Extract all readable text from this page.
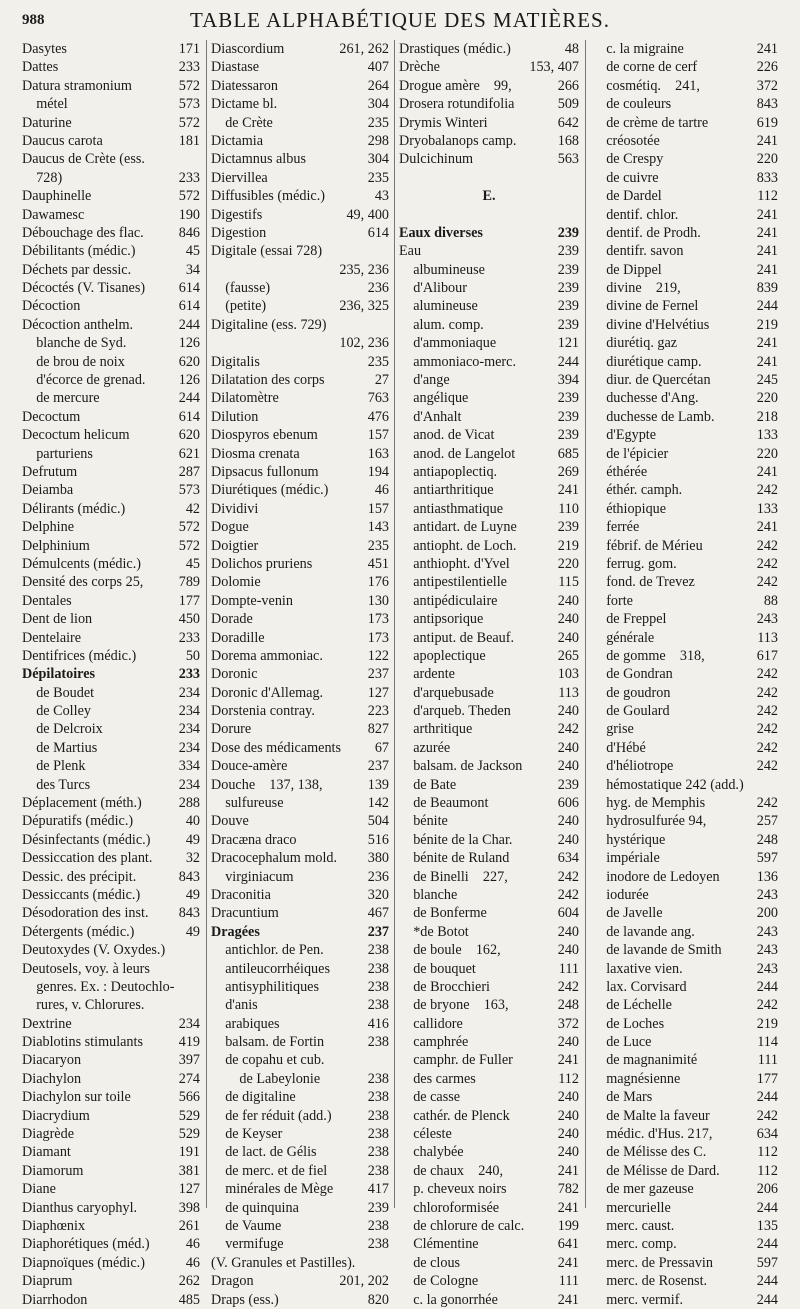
988	TABLE ALPHABÉTIQUE DES MATIÈRES.
Dasytes	171
Dattes	233
Datura stramonium	572
 métel	573
Daturine	572
Daucus carota	181
Daucus de Crète (ess.
 728)	233
Dauphinelle	572
Dawamesc	190
Débouchage des flac. 846
Débilitants (médic.)	45
Déchets par dessic.	34
Décoctés (V. Tisanes) 614
Décoction	614
Décoction anthelm.	244
 blanche de Syd.	126
 de brou de noix	620
 d'écorce de grenad. 126
 de mercure	244
Decoctum	614
Decoctum helicum	620
 parturiens	621
Defrutum	287
Deiamba	573
Délirants (médic.)	42
Delphine	572
Delphinium	572
Démulcents (médic.)	45
Densité des corps 25, 789
Dentales	177
Dent de lion	450
Dentelaire	233
Dentifrices (médic.)	50
Dépilatoires	233
 de Boudet	234
 de Colley	234
 de Delcroix	234
 de Martius	234
 de Plenk	334
 des Turcs	234
Déplacement (méth.)	288
Dépuratifs (médic.)	40
Désinfectants (médic.) 49
Dessiccation des plant. 32
Dessic. des précipit.	843
Dessiccants (médic.)	49
Désodoration des inst. 843
Détergents (médic.)	49
Deutoxydes (V. Oxydes.)
Deutosels, voy. à leurs
 genres. Ex. : Deutochlo-
 rures, v. Chlorures.
Dextrine	234
Diablotins stimulants	419
Diacaryon	397
Diachylon	274
Diachylon sur toile	566
Diacrydium	529
Diagrède	529
Diamant	191
Diamorum	381
Diane	127
Dianthus caryophyl.	398
Diaphœnix	261
Diaphorétiques (méd.)	46
Diapnoïques (médic.)	46
Diaprum	262
Diarrhodon	485
Diascordium	261, 262
Diastase	407
Diatessaron	264
Dictame bl.	304
 de Crète	235
Dictamia	298
Dictamnus albus	304
Diervillea	235
Diffusibles (médic.)	43
Digestifs	49, 400
Digestion	614
Digitale (essai 728)
235, 236
 (fausse)	236
 (petite)	236, 325
Digitaline (ess. 729)
102, 236
Digitalis	235
Dilatation des corps	27
Dilatomètre	763
Dilution	476
Diospyros ebenum	157
Diosma crenata	163
Dipsacus fullonum	194
Diurétiques (médic.)	46
Dividivi	157
Dogue	143
Doigtier	235
Dolichos pruriens	451
Dolomie	176
Dompte-venin	130
Dorade	173
Doradille	173
Dorema ammoniac.	122
Doronic	237
Doronic d'Allemag.	127
Dorstenia contray.	223
Dorure	827
Dose des médicaments 67
Douce-amère	237
Douche 137, 138,	139
 sulfureuse	142
Douve	504
Dracæna draco	516
Dracocephalum mold. 380
 virginiacum	236
Draconitia	320
Dracuntium	467
Dragées	237
 antichlor. de Pen.	238
 antileucorrhéiques	238
 antisyphilitiques	238
 d'anis	238
 arabiques	416
 balsam. de Fortin	238
 de copahu et cub.
  de Labeylonie	238
 de digitaline	238
 de fer réduit (add.)	238
 de Keyser	238
 de lact. de Gélis	238
 de merc. et de fiel	238
 minérales de Mège 417
 de quinquina	239
 de Vaume	238
 vermifuge	238
(V. Granules et Pastilles).
Dragon	201, 202
Draps (ess.)	820
Drastiques (médic.)	48
Drèche	153, 407
Drogue amère 99,	266
Drosera rotundifolia	509
Drymis Winteri	642
Dryobalanops camp.	168
Dulcichinum	563
E.
Eaux diverses	239
Eau	239
 albumineuse	239
 d'Alibour	239
 alumineuse	239
 alum. comp.	239
 d'ammoniaque	121
 ammoniaco-merc.	244
 d'ange	394
 angélique	239
 d'Anhalt	239
 anod. de Vicat	239
 anod. de Langelot	685
 antiapoplectiq.	269
 antiarthritique	241
 antiasthmatique	110
 antidart. de Luyne	239
 antiopht. de Loch.	219
 anthiopht. d'Yvel	220
 antipestilentielle	115
 antipédiculaire	240
 antipsorique	240
 antiput. de Beauf.	240
 apoplectique	265
 ardente	103
 d'arquebusade	113
 d'arqueb. Theden	240
 arthritique	242
 azurée	240
 balsam. de Jackson 240
 de Bate	239
 de Beaumont	606
 bénite	240
 bénite de la Char.	240
 bénite de Ruland	634
 de Binelli 227,	242
 blanche	242
 de Bonferme	604
 *de Botot	240
 de boule 162,	240
 de bouquet	111
 de Brocchieri	242
 de bryone 163,	248
 callidore	372
 camphrée	240
 camphr. de Fuller	241
 des carmes	112
 de casse	240
 cathér. de Plenck	240
 céleste	240
 chalybée	240
 de chaux 240,	241
 p. cheveux noirs	782
 chloroformisée	241
 de chlorure de calc. 199
 Clémentine	641
 de clous	241
 de Cologne	111
 c. la gonorrhée	241
 c. la migraine	241
 de corne de cerf	226
 cosmétiq. 241,	372
 de couleurs	843
 de crème de tartre	619
 créosotée	241
 de Crespy	220
 de cuivre	833
 de Dardel	112
 dentif. chlor.	241
 dentif. de Prodh.	241
 dentifr. savon	241
 de Dippel	241
 divine 219,	839
 divine de Fernel	244
 divine d'Helvétius	219
 diurétiq. gaz	241
 diurétique camp.	241
 diur. de Quercétan	245
 duchesse d'Ang.	220
 duchesse de Lamb.	218
 d'Egypte	133
 de l'épicier	220
 éthérée	241
 éthér. camph.	242
 éthiopique	133
 ferrée	241
 fébrif. de Mérieu	242
 ferrug. gom.	242
 fond. de Trevez	242
 forte	88
 de Freppel	243
 générale	113
 de gomme 318,	617
 de Gondran	242
 de goudron	242
 de Goulard	242
 grise	242
 d'Hébé	242
 d'héliotrope	242
 hémostatique 242 (add.)
 hyg. de Memphis	242
 hydrosulfurée 94,	257
 hystérique	248
 impériale	597
 inodore de Ledoyen	136
 iodurée	243
 de Javelle	200
 de lavande ang.	243
 de lavande de Smith 243
 laxative vien.	243
 lax. Corvisard	244
 de Léchelle	242
 de Loches	219
 de Luce	114
 de magnanimité	111
 magnésienne	177
 de Mars	244
 de Malte la faveur	242
 médic. d'Hus. 217,	634
 de Mélisse des C.	112
 de Mélisse de Dard.	112
 de mer gazeuse	206
 mercurielle	244
 merc. caust.	135
 merc. comp.	244
 merc. de Pressavin	597
 merc. de Rosenst.	244
 merc. vermif.	244
